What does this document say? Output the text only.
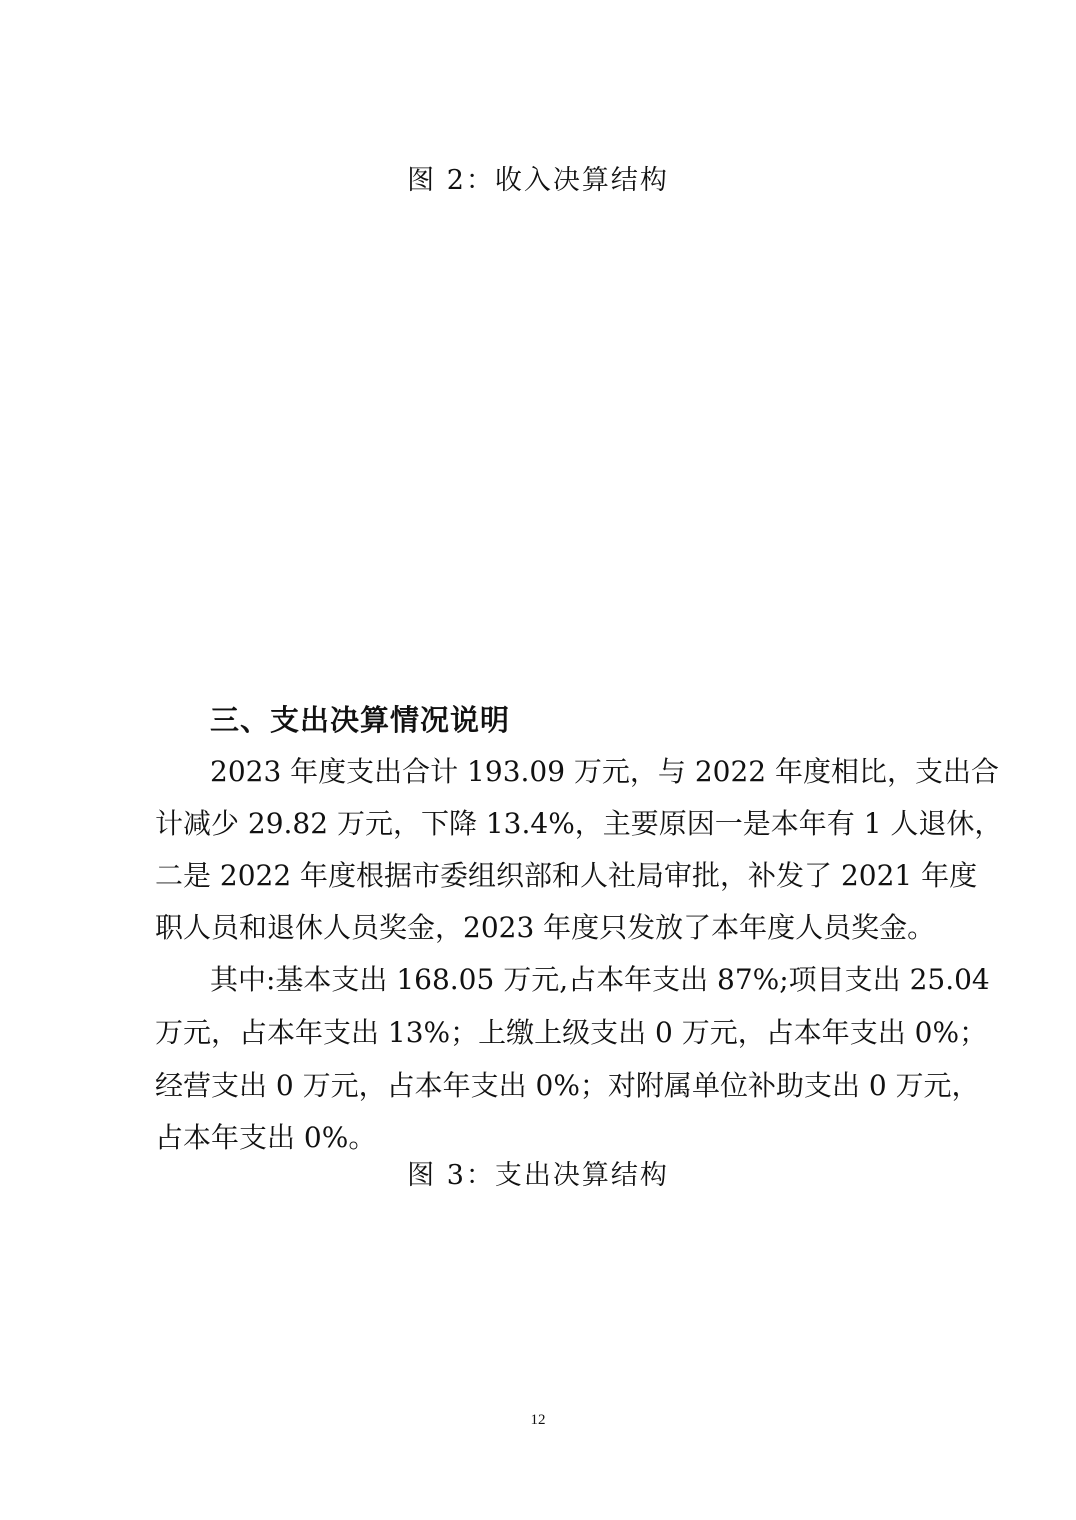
图 2：收入决算结构
三、支出决算情况说明
2023 年度支出合计 193.09 万元，与 2022 年度相比，支出合
计减少 29.82 万元，下降 13.4%，主要原因一是本年有 1 人退休，
二是 2022 年度根据市委组织部和人社局审批，补发了 2021 年度
职人员和退休人员奖金，2023 年度只发放了本年度人员奖金。
其中:基本支出 168.05 万元,占本年支出 87%;项目支出 25.04
万元，占本年支出 13%；上缴上级支出 0 万元，占本年支出 0%；
经营支出 0 万元，占本年支出 0%；对附属单位补助支出 0 万元，
占本年支出 0%。
图 3：支出决算结构
12
